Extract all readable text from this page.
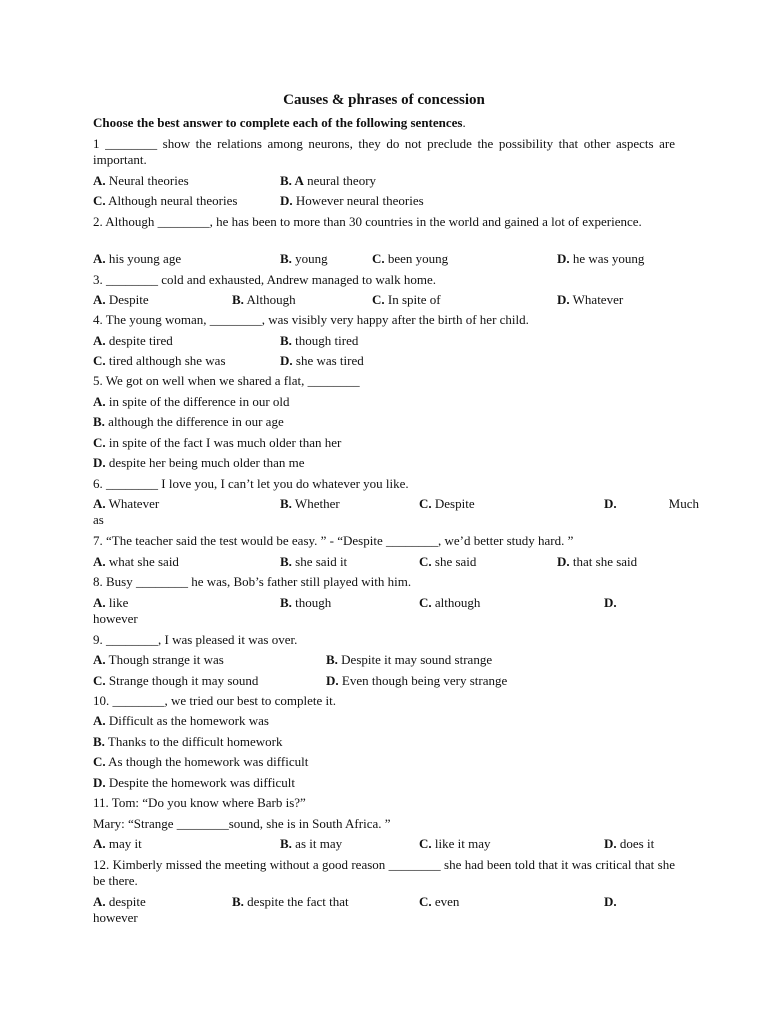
Causes & phrases of concession
Choose the best answer to complete each of the following sentences.
1 ________ show the relations among neurons, they do not preclude the possibility that other aspects are important.
A. Neural theories	B. A neural theory
C. Although neural theories	D. However neural theories
2. Although ________, he has been to more than 30 countries in the world and gained a lot of experience.
A. his young age	B. young	C. been young	D. he was young
3. ________ cold and exhausted, Andrew managed to walk home.
A. Despite	B. Although	C. In spite of	D. Whatever
4. The young woman, ________, was visibly very happy after the birth of her child.
A. despite tired	B. though tired
C. tired although she was	D. she was tired
5. We got on well when we shared a flat, ________
A. in spite of the difference in our old
B. although the difference in our age
C. in spite of the fact I was much older than her
D. despite her being much older than me
6. ________ I love you, I can’t let you do whatever you like.
A. Whatever	B. Whether	C. Despite	D.	Much
as
7. “The teacher said the test would be easy. ” - “Despite ________, we’d better study hard. ”
A. what she said	B. she said it	C. she said	D. that she said
8. Busy ________ he was, Bob’s father still played with him.
A. like	B. though	C. although	D.
however
9. ________, I was pleased it was over.
A. Though strange it was	B. Despite it may sound strange
C. Strange though it may sound	D. Even though being very strange
10. ________, we tried our best to complete it.
A. Difficult as the homework was
B. Thanks to the difficult homework
C. As though the homework was difficult
D. Despite the homework was difficult
11. Tom: “Do you know where Barb is?”
Mary: “Strange ________sound, she is in South Africa. ”
A. may it	B. as it may	C. like it may	D. does it
12. Kimberly missed the meeting without a good reason ________ she had been told that it was critical that she be there.
A. despite	B. despite the fact that	C. even	D.
however
